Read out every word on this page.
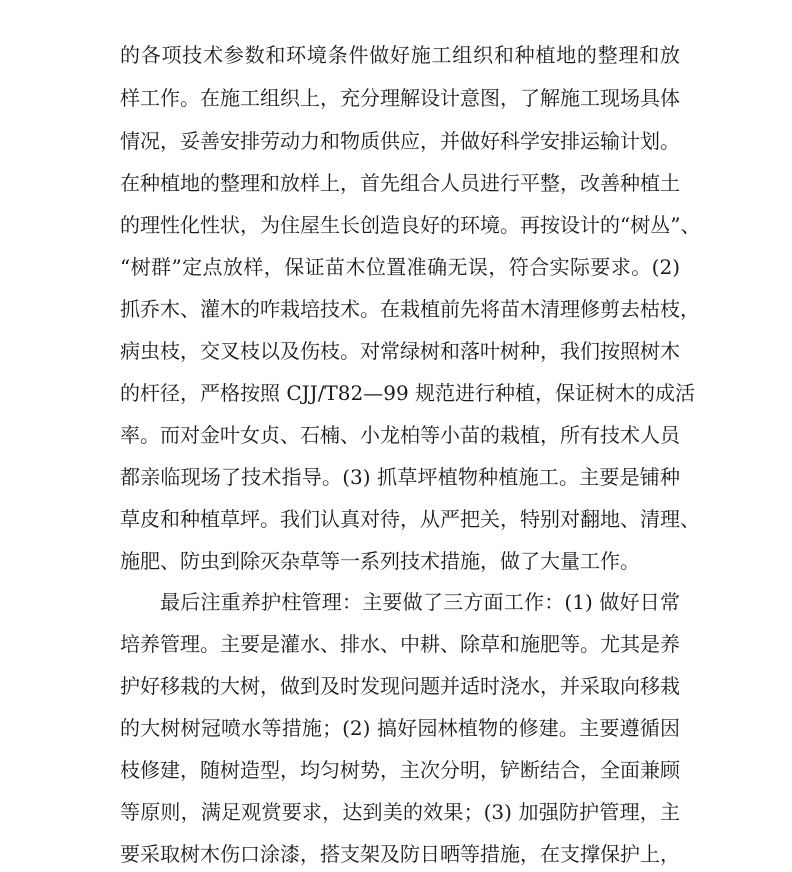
的各项技术参数和环境条件做好施工组织和种植地的整理和放
样工作。在施工组织上，充分理解设计意图，了解施工现场具体
情况，妥善安排劳动力和物质供应，并做好科学安排运输计划。
在种植地的整理和放样上，首先组合人员进行平整，改善种植土
的理性化性状，为住屋生长创造良好的环境。再按设计的“树丛”、
“树群”定点放样，保证苗木位置准确无误，符合实际要求。(2)
抓乔木、灌木的咋栽培技术。在栽植前先将苗木清理修剪去枯枝，
病虫枝，交叉枝以及伤枝。对常绿树和落叶树种，我们按照树木
的杆径，严格按照 CJJ/T82—99 规范进行种植，保证树木的成活
率。而对金叶女贞、石楠、小龙柏等小苗的栽植，所有技术人员
都亲临现场了技术指导。(3) 抓草坪植物种植施工。主要是铺种
草皮和种植草坪。我们认真对待，从严把关，特别对翻地、清理、
施肥、防虫到除灭杂草等一系列技术措施，做了大量工作。
最后注重养护柱管理：主要做了三方面工作：(1) 做好日常
培养管理。主要是灌水、排水、中耕、除草和施肥等。尤其是养
护好移栽的大树，做到及时发现问题并适时浇水，并采取向移栽
的大树树冠喷水等措施；(2) 搞好园林植物的修建。主要遵循因
枝修建，随树造型，均匀树势，主次分明，铲断结合，全面兼顾
等原则，满足观赏要求，达到美的效果；(3) 加强防护管理，主
要采取树木伤口涂漆，搭支架及防日晒等措施，在支撑保护上，
